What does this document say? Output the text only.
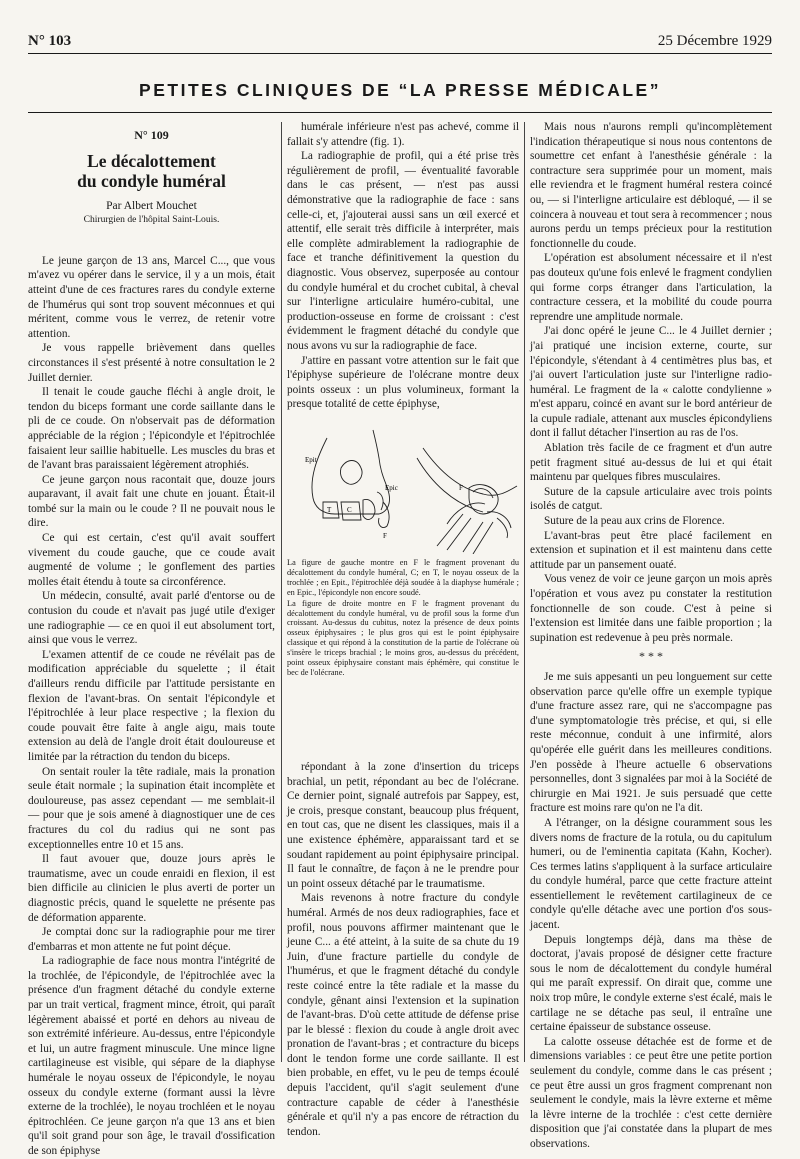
N° 103	25 Décembre 1929
PETITES CLINIQUES DE “LA PRESSE MÉDICALE”
N° 109
Le décalottement
du condyle huméral
Par Albert Mouchet
Chirurgien de l'hôpital Saint-Louis.

Le jeune garçon de 13 ans, Marcel C..., que vous m'avez vu opérer dans le service, il y a un mois, était atteint d'une de ces fractures rares du condyle externe de l'humérus qui sont trop souvent méconnues et qui méritent, comme vous le verrez, de retenir votre attention.

Je vous rappelle brièvement dans quelles circonstances il s'est présenté à notre consultation le 2 Juillet dernier.

Il tenait le coude gauche fléchi à angle droit, le tendon du biceps formant une corde saillante dans le pli de ce coude. On n'observait pas de déformation appréciable de la région ; l'épicondyle et l'épitrochlée faisaient leur saillie habituelle. Les muscles du bras et de l'avant bras paraissaient légèrement atrophiés.

Ce jeune garçon nous racontait que, douze jours auparavant, il avait fait une chute en jouant. Était-il tombé sur la main ou le coude ? Il ne pouvait nous le dire.

Ce qui est certain, c'est qu'il avait souffert vivement du coude gauche, que ce coude avait augmenté de volume ; le gonflement des parties molles était étendu à toute sa circonférence.

Un médecin, consulté, avait parlé d'entorse ou de contusion du coude et n'avait pas jugé utile d'exiger une radiographie — ce en quoi il eut absolument tort, ainsi que vous le verrez.

L'examen attentif de ce coude ne révélait pas de modification appréciable du squelette ; il était d'ailleurs rendu difficile par l'attitude persistante en flexion de l'avant-bras. On sentait l'épicondyle et l'épitrochlée à leur place respective ; la flexion du coude pouvait être faite à angle aigu, mais toute extension au delà de l'angle droit était douloureuse et limitée par la rétraction du tendon du biceps.

On sentait rouler la tête radiale, mais la pronation seule était normale ; la supination était incomplète et douloureuse, pas assez cependant — me semblait-il — pour que je sois amené à diagnostiquer une de ces fractures du col du radius qui ne sont pas exceptionnelles entre 10 et 15 ans.

Il faut avouer que, douze jours après le traumatisme, avec un coude enraidi en flexion, il est bien difficile au clinicien le plus averti de porter un diagnostic précis, quand le squelette ne présente pas de déformation apparente.

Je comptai donc sur la radiographie pour me tirer d'embarras et mon attente ne fut point déçue.

La radiographie de face nous montra l'intégrité de la trochlée, de l'épicondyle, de l'épitrochlée avec la présence d'un fragment détaché du condyle externe par un trait vertical, fragment mince, étroit, qui paraît légèrement abaissé et porté en dehors au niveau de son extrémité inférieure. Au-dessus, entre l'épicondyle et lui, un autre fragment minuscule. Une mince ligne cartilagineuse est visible, qui sépare de la diaphyse humérale le noyau osseux de l'épicondyle, le noyau osseux du condyle externe (formant aussi la lèvre externe de la trochlée), le noyau trochléen et le noyau épitrochléen. Ce jeune garçon n'a que 13 ans et bien qu'il soit grand pour son âge, le travail d'ossification de son épiphyse

humérale inférieure n'est pas achevé, comme il fallait s'y attendre (fig. 1).

La radiographie de profil, qui a été prise très régulièrement de profil, — éventualité favorable dans le cas présent, — n'est pas aussi démonstrative que la radiographie de face : sans celle-ci, et, j'ajouterai aussi sans un œil exercé et attentif, elle serait très difficile à interpréter, mais elle complète admirablement la radiographie de face et tranche définitivement la question du diagnostic. Vous observez, superposée au contour du condyle huméral et du crochet cubital, à cheval sur l'interligne articulaire huméro-cubital, une production-osseuse en forme de croissant : c'est évidemment le fragment détaché du condyle que nous avons vu sur la radiographie de face.

J'attire en passant votre attention sur le fait que l'épiphyse supérieure de l'olécrane montre deux points osseux : un plus volumineux, formant la presque totalité de cette épiphyse,

Epit
Epic
T C
F
F

La figure de gauche montre en F le fragment provenant du décalottement du condyle huméral, C; en T, le noyau osseux de la trochlée ; en Epit., l'épitrochlée déjà soudée à la diaphyse humérale ; en Epic., l'épicondyle non encore soudé.

La figure de droite montre en F le fragment provenant du décalottement du condyle huméral, vu de profil sous la forme d'un croissant. Au-dessus du cubitus, notez la présence de deux points osseux épiphysaires ; le plus gros qui est le point épiphysaire classique et qui répond à la constitution de la partie de l'olécrane où s'insère le triceps brachial ; le moins gros, au-dessus du précédent, point osseux épiphysaire constant mais éphémère, qui constitue le bec de l'olécrane.

répondant à la zone d'insertion du triceps brachial, un petit, répondant au bec de l'olécrane. Ce dernier point, signalé autrefois par Sappey, est, je crois, presque constant, beaucoup plus fréquent, en tout cas, que ne disent les classiques, mais il a une existence éphémère, apparaissant tard et se soudant rapidement au point épiphysaire principal. Il faut le connaître, de façon à ne le prendre pour un point osseux détaché par le traumatisme.

Mais revenons à notre fracture du condyle huméral. Armés de nos deux radiographies, face et profil, nous pouvons affirmer maintenant que le jeune C... a été atteint, à la suite de sa chute du 19 Juin, d'une fracture partielle du condyle de l'humérus, et que le fragment détaché du condyle reste coincé entre la tête radiale et la masse du condyle, gênant ainsi l'extension et la supination de l'avant-bras. D'où cette attitude de défense prise par le blessé : flexion du coude à angle droit avec pronation de l'avant-bras ; et contracture du biceps dont le tendon forme une corde saillante. Il est bien probable, en effet, vu le peu de temps écoulé depuis l'accident, qu'il s'agit seulement d'une contracture capable de céder à l'anesthésie générale et qu'il n'y a pas encore de rétraction du tendon.

Mais nous n'aurons rempli qu'incomplètement l'indication thérapeutique si nous nous contentons de soumettre cet enfant à l'anesthésie générale : la contracture sera supprimée pour un moment, mais elle reviendra et le fragment huméral restera coincé ou, — si l'interligne articulaire est débloqué, — il se coincera à nouveau et tout sera à recommencer ; nous aurons perdu un temps précieux pour la restitution fonctionnelle du coude.

L'opération est absolument nécessaire et il n'est pas douteux qu'une fois enlevé le fragment condylien qui forme corps étranger dans l'articulation, la contracture cessera, et la mobilité du coude pourra reprendre une amplitude normale.

J'ai donc opéré le jeune C... le 4 Juillet dernier ; j'ai pratiqué une incision externe, courte, sur l'épicondyle, s'étendant à 4 centimètres plus bas, et j'ai ouvert l'articulation juste sur l'interligne radio-huméral. Le fragment de la « calotte condylienne » m'est apparu, coincé en avant sur le bord antérieur de la cupule radiale, attenant aux muscles épicondyliens dont il fallut détacher l'insertion au ras de l'os.

Ablation très facile de ce fragment et d'un autre petit fragment situé au-dessus de lui et qui était maintenu par quelques fibres musculaires.

Suture de la capsule articulaire avec trois points isolés de catgut.

Suture de la peau aux crins de Florence.

L'avant-bras peut être placé facilement en extension et supination et il est maintenu dans cette attitude par un pansement ouaté.

Vous venez de voir ce jeune garçon un mois après l'opération et vous avez pu constater la restitution fonctionnelle de son coude. C'est à peine si l'extension est limitée dans une faible proportion ; la supination est redevenue à peu près normale.

* * *

Je me suis appesanti un peu longuement sur cette observation parce qu'elle offre un exemple typique d'une fracture assez rare, qui ne s'accompagne pas d'une symptomatologie très précise, et qui, si elle reste méconnue, conduit à une infirmité, alors qu'opérée elle guérit dans les meilleures conditions. J'en possède à l'heure actuelle 6 observations personnelles, dont 3 signalées par moi à la Société de chirurgie en Mai 1921. Je suis persuadé que cette fracture est moins rare qu'on ne l'a dit.

A l'étranger, on la désigne couramment sous les divers noms de fracture de la rotula, ou du capitulum humeri, ou de l'eminentia capitata (Kahn, Kocher). Ces termes latins s'appliquent à la surface articulaire du condyle huméral, parce que cette fracture atteint essentiellement le revêtement cartilagineux de ce condyle qu'elle détache avec une portion d'os sous-jacent.

Depuis longtemps déjà, dans ma thèse de doctorat, j'avais proposé de désigner cette fracture sous le nom de décalottement du condyle huméral qui me paraît expressif. On dirait que, comme une noix trop mûre, le condyle externe s'est écalé, mais le cartilage ne se détache pas seul, il entraîne une certaine épaisseur de substance osseuse.

La calotte osseuse détachée est de forme et de dimensions variables : ce peut être une petite portion seulement du condyle, comme dans le cas présent ; ce peut être aussi un gros fragment comprenant non seulement le condyle, mais la lèvre externe et même la lèvre interne de la trochlée : c'est cette dernière disposition que j'ai constatée dans la plupart de mes observations.
